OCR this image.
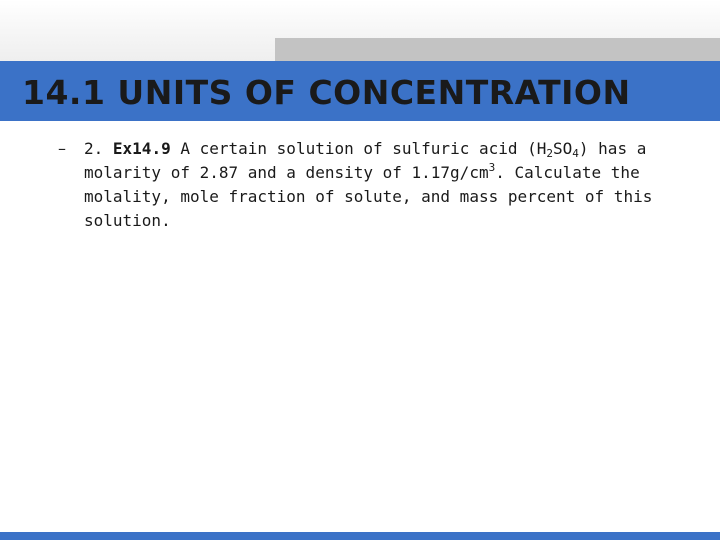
14.1 UNITS OF CONCENTRATION
– 2. Ex14.9 A certain solution of sulfuric acid $(H_2SO_4)$ has a molarity of 2.87 and a density of $1.17g/cm^3$. Calculate the molality, mole fraction of solute, and mass percent of this solution.
